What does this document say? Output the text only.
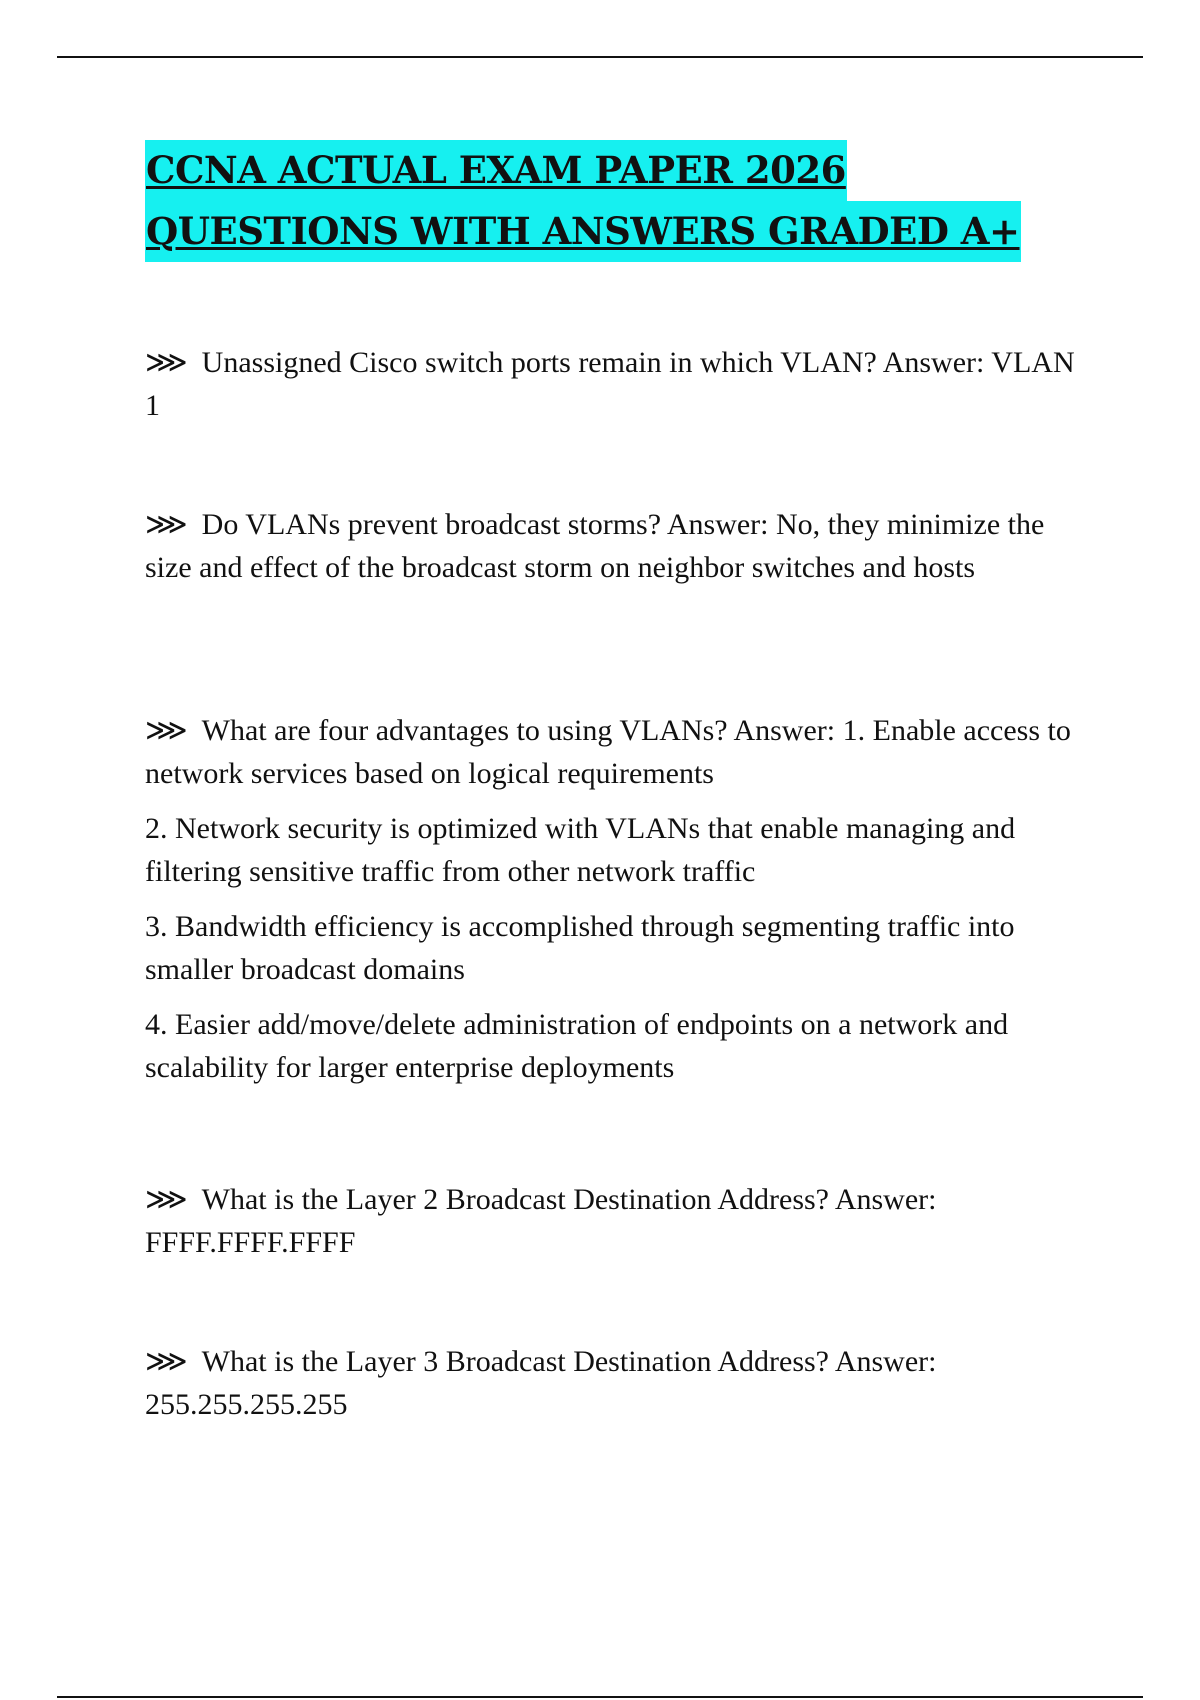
CCNA ACTUAL EXAM PAPER 2026
QUESTIONS WITH ANSWERS GRADED A+

⋙ Unassigned Cisco switch ports remain in which VLAN? Answer: VLAN 1

⋙ Do VLANs prevent broadcast storms? Answer: No, they minimize the size and effect of the broadcast storm on neighbor switches and hosts

⋙ What are four advantages to using VLANs? Answer: 1. Enable access to network services based on logical requirements

2. Network security is optimized with VLANs that enable managing and filtering sensitive traffic from other network traffic

3. Bandwidth efficiency is accomplished through segmenting traffic into smaller broadcast domains

4. Easier add/move/delete administration of endpoints on a network and scalability for larger enterprise deployments

⋙ What is the Layer 2 Broadcast Destination Address? Answer: FFFF.FFFF.FFFF

⋙ What is the Layer 3 Broadcast Destination Address? Answer: 255.255.255.255
